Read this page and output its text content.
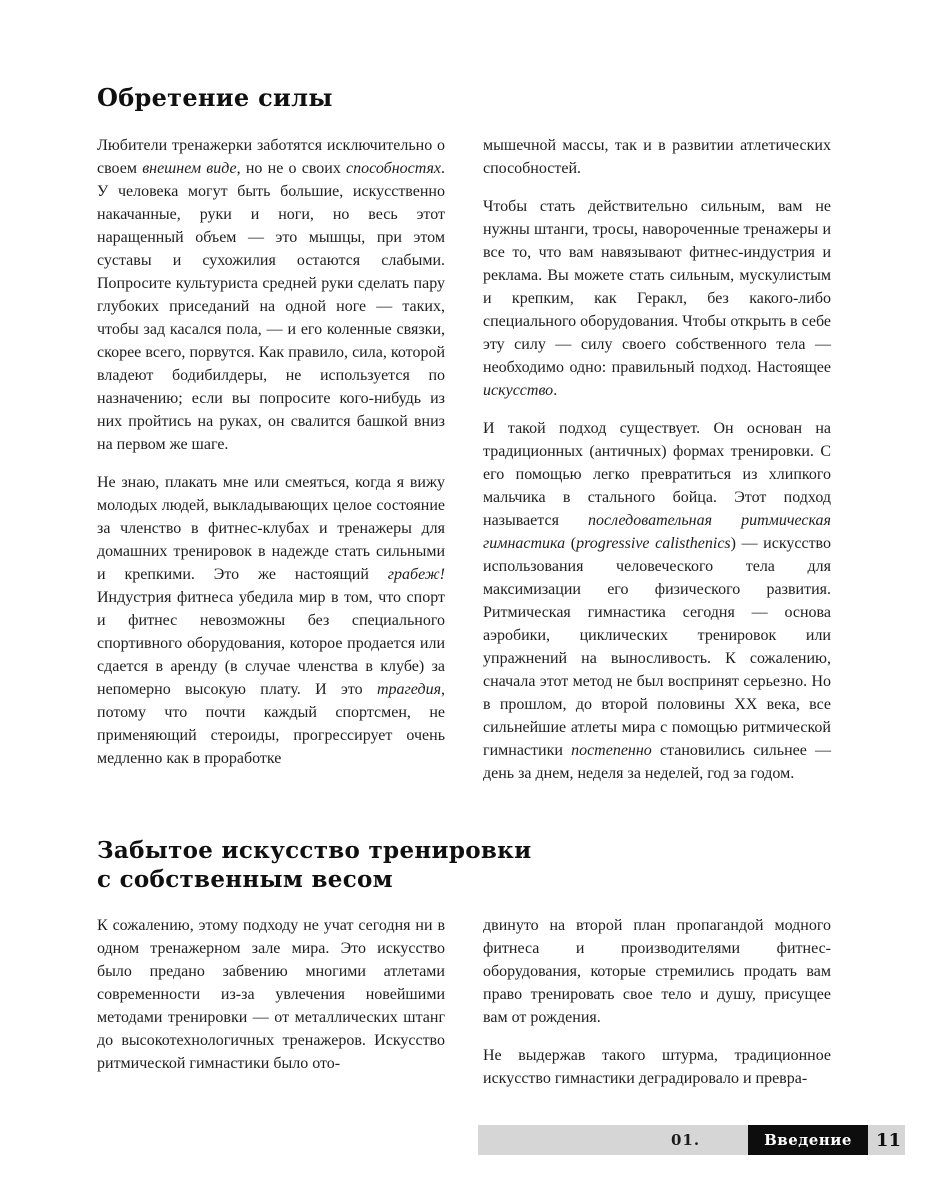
Обретение силы

Любители тренажерки заботятся исключительно о своем внешнем виде, но не о своих способностях. У человека могут быть большие, искусственно накачанные, руки и ноги, но весь этот наращенный объем — это мышцы, при этом суставы и сухожилия остаются слабыми. Попросите культуриста средней руки сделать пару глубоких приседаний на одной ноге — таких, чтобы зад касался пола, — и его коленные связки, скорее всего, порвутся. Как правило, сила, которой владеют бодибилдеры, не используется по назначению; если вы попросите кого-нибудь из них пройтись на руках, он свалится башкой вниз на первом же шаге.

Не знаю, плакать мне или смеяться, когда я вижу молодых людей, выкладывающих целое состояние за членство в фитнес-клубах и тренажеры для домашних тренировок в надежде стать сильными и крепкими. Это же настоящий грабеж! Индустрия фитнеса убедила мир в том, что спорт и фитнес невозможны без специального спортивного оборудования, которое продается или сдается в аренду (в случае членства в клубе) за непомерно высокую плату. И это трагедия, потому что почти каждый спортсмен, не применяющий стероиды, прогрессирует очень медленно как в проработке

мышечной массы, так и в развитии атлетических способностей.

Чтобы стать действительно сильным, вам не нужны штанги, тросы, навороченные тренажеры и все то, что вам навязывают фитнес-индустрия и реклама. Вы можете стать сильным, мускулистым и крепким, как Геракл, без какого-либо специального оборудования. Чтобы открыть в себе эту силу — силу своего собственного тела — необходимо одно: правильный подход. Настоящее искусство.

И такой подход существует. Он основан на традиционных (античных) формах тренировки. С его помощью легко превратиться из хлипкого мальчика в стального бойца. Этот подход называется последовательная ритмическая гимнастика (progressive calisthenics) — искусство использования человеческого тела для максимизации его физического развития. Ритмическая гимнастика сегодня — основа аэробики, циклических тренировок или упражнений на выносливость. К сожалению, сначала этот метод не был воспринят серьезно. Но в прошлом, до второй половины XX века, все сильнейшие атлеты мира с помощью ритмической гимнастики постепенно становились сильнее — день за днем, неделя за неделей, год за годом.

Забытое искусство тренировки
с собственным весом

К сожалению, этому подходу не учат сегодня ни в одном тренажерном зале мира. Это искусство было предано забвению многими атлетами современности из-за увлечения новейшими методами тренировки — от металлических штанг до высокотехнологичных тренажеров. Искусство ритмической гимнастики было ото-

двинуто на второй план пропагандой модного фитнеса и производителями фитнес-оборудования, которые стремились продать вам право тренировать свое тело и душу, присущее вам от рождения.

Не выдержав такого штурма, традиционное искусство гимнастики деградировало и превра-

01.	Введение 11
